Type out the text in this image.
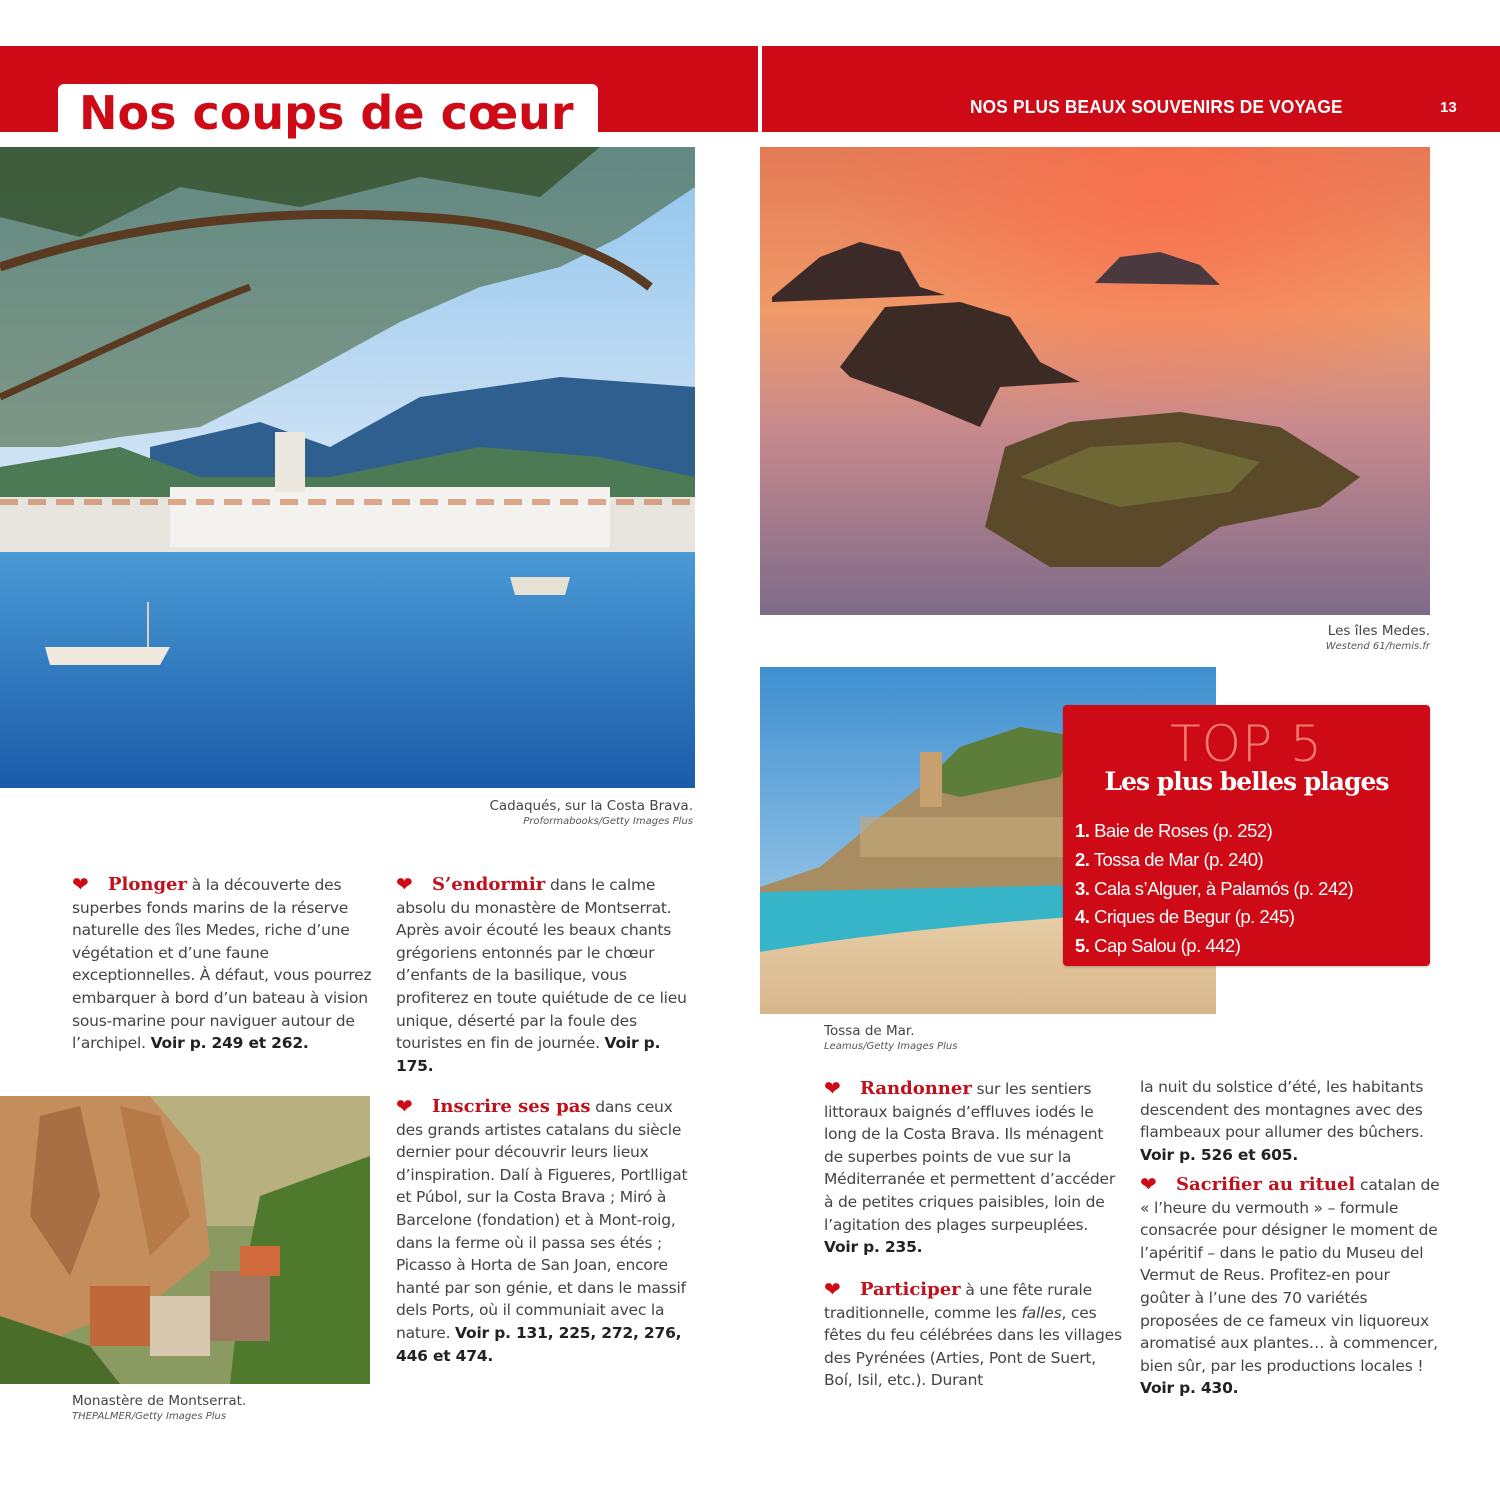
Nos coups de cœur	NOS PLUS BEAUX SOUVENIRS DE VOYAGE	13
Cadaqués, sur la Costa Brava.
Proformabooks/Getty Images Plus
Les îles Medes.
Westend 61/hemis.fr
Tossa de Mar.
Leamus/Getty Images Plus
TOP 5
Les plus belles plages
1. Baie de Roses (p. 252)
2. Tossa de Mar (p. 240)
3. Cala s’Alguer, à Palamós (p. 242)
4. Criques de Begur (p. 245)
5. Cap Salou (p. 442)
Monastère de Montserrat.
THEPALMER/Getty Images Plus

❤ Plonger à la découverte des superbes fonds marins de la réserve naturelle des îles Medes, riche d’une végétation et d’une faune exceptionnelles. À défaut, vous pourrez embarquer à bord d’un bateau à vision sous-marine pour naviguer autour de l’archipel. Voir p. 249 et 262.

❤ S’endormir dans le calme absolu du monastère de Montserrat. Après avoir écouté les beaux chants grégoriens entonnés par le chœur d’enfants de la basilique, vous profiterez en toute quiétude de ce lieu unique, déserté par la foule des touristes en fin de journée. Voir p. 175.

❤ Inscrire ses pas dans ceux des grands artistes catalans du siècle dernier pour découvrir leurs lieux d’inspiration. Dalí à Figueres, Portlligat et Púbol, sur la Costa Brava ; Miró à Barcelone (fondation) et à Mont-roig, dans la ferme où il passa ses étés ; Picasso à Horta de San Joan, encore hanté par son génie, et dans le massif dels Ports, où il communiait avec la nature. Voir p. 131, 225, 272, 276, 446 et 474.

❤ Randonner sur les sentiers littoraux baignés d’effluves iodés le long de la Costa Brava. Ils ménagent de superbes points de vue sur la Méditerranée et permettent d’accéder à de petites criques paisibles, loin de l’agitation des plages surpeuplées. Voir p. 235.

❤ Participer à une fête rurale traditionnelle, comme les falles, ces fêtes du feu célébrées dans les villages des Pyrénées (Arties, Pont de Suert, Boí, Isil, etc.). Durant

la nuit du solstice d’été, les habitants descendent des montagnes avec des flambeaux pour allumer des bûchers. Voir p. 526 et 605.

❤ Sacrifier au rituel catalan de « l’heure du vermouth » – formule consacrée pour désigner le moment de l’apéritif – dans le patio du Museu del Vermut de Reus. Profitez-en pour goûter à l’une des 70 variétés proposées de ce fameux vin liquoreux aromatisé aux plantes… à commencer, bien sûr, par les productions locales ! Voir p. 430.
